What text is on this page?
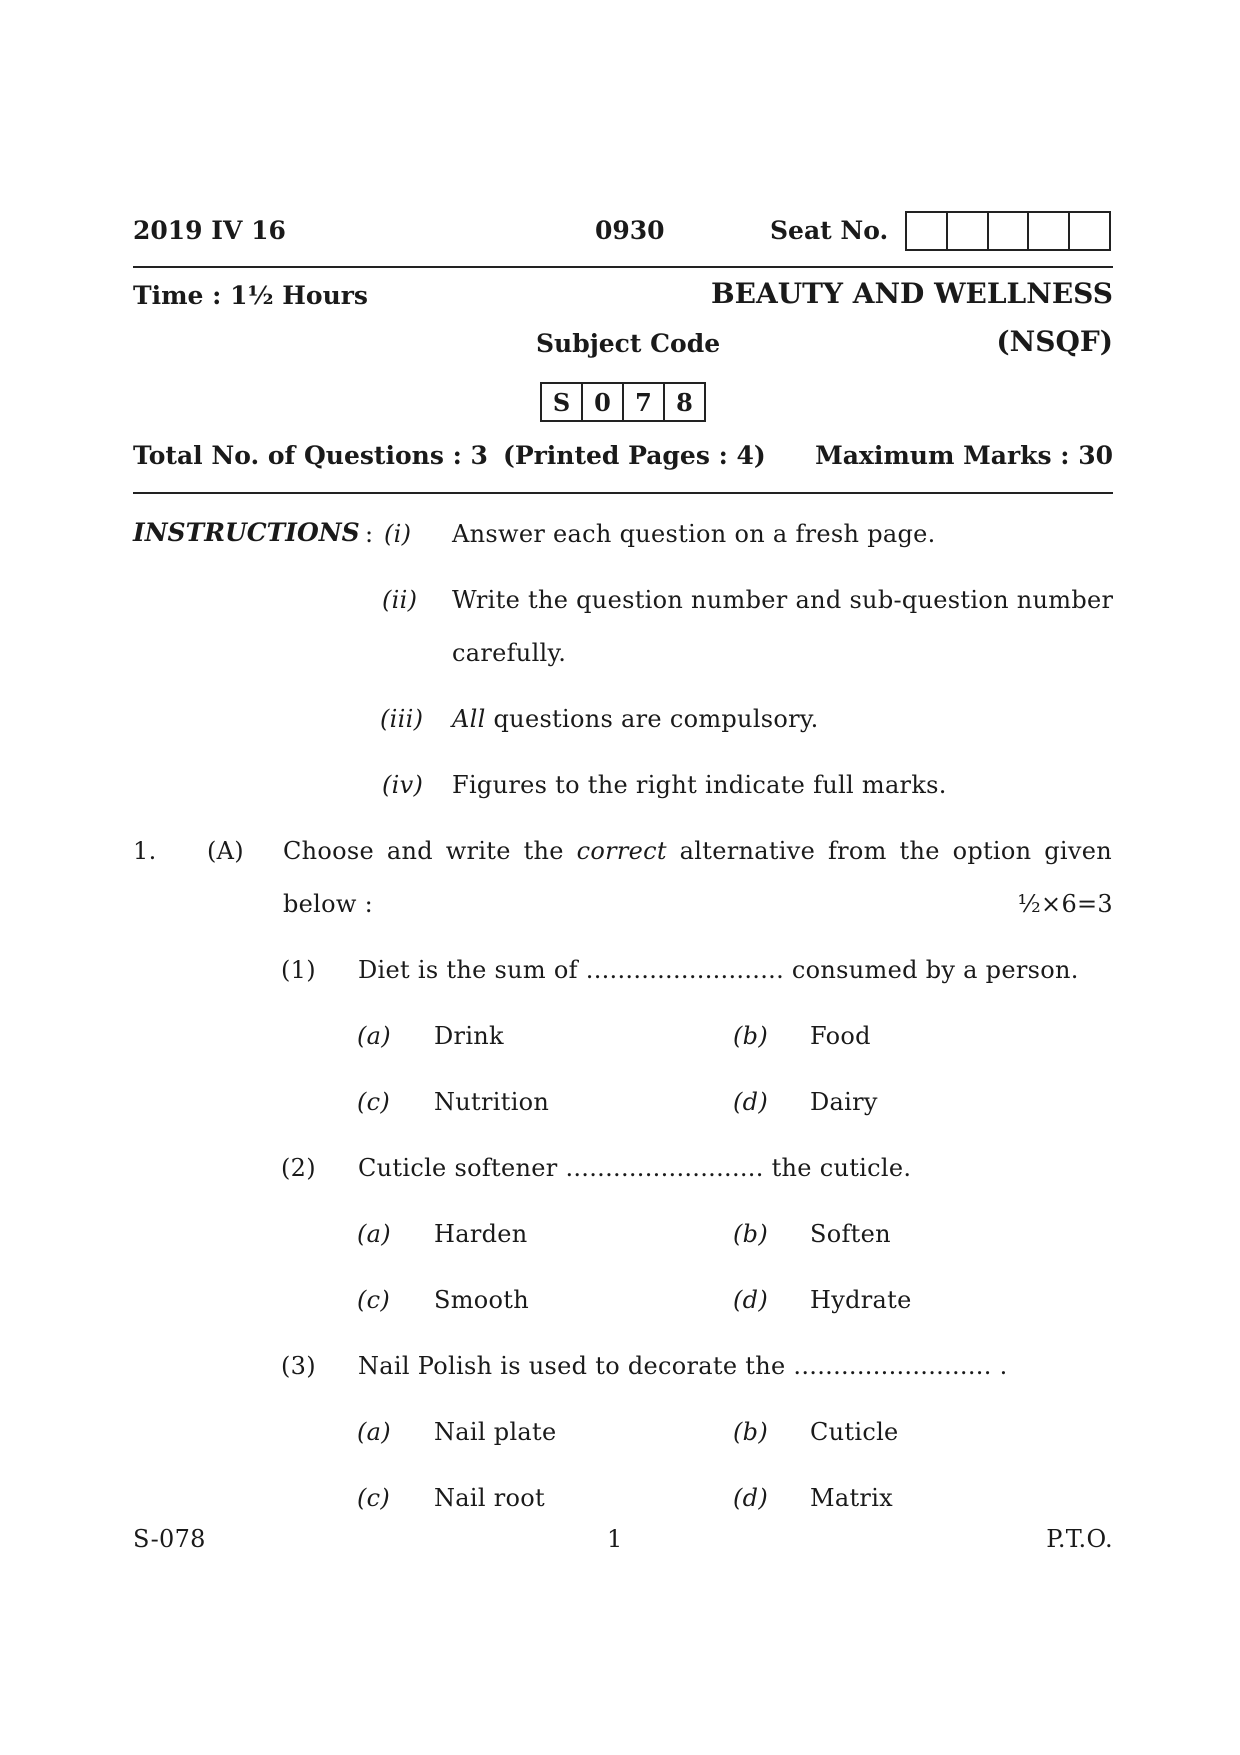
2019 IV 16	0930	Seat No.
Time : 1½ Hours	BEAUTY AND WELLNESS
Subject Code	(NSQF)
S 0	7	8
Total No. of Questions : 3 (Printed Pages : 4) Maximum Marks : 30
INSTRUCTIONS : (i) Answer each question on a fresh page.
(ii) Write the question number and sub-question number
carefully.
(iii) All questions are compulsory.
(iv) Figures to the right indicate full marks.
1. (A) Choose and write the correct alternative from the option given
below :	½×6=3
(1) Diet is the sum of ......................... consumed by a person.
(a) Drink	(b) Food
(c) Nutrition	(d) Dairy
(2) Cuticle softener ......................... the cuticle.
(a) Harden	(b) Soften
(c) Smooth	(d) Hydrate
(3) Nail Polish is used to decorate the ......................... .
(a) Nail plate	(b) Cuticle
(c) Nail root	(d) Matrix
S-078	1	P.T.O.
